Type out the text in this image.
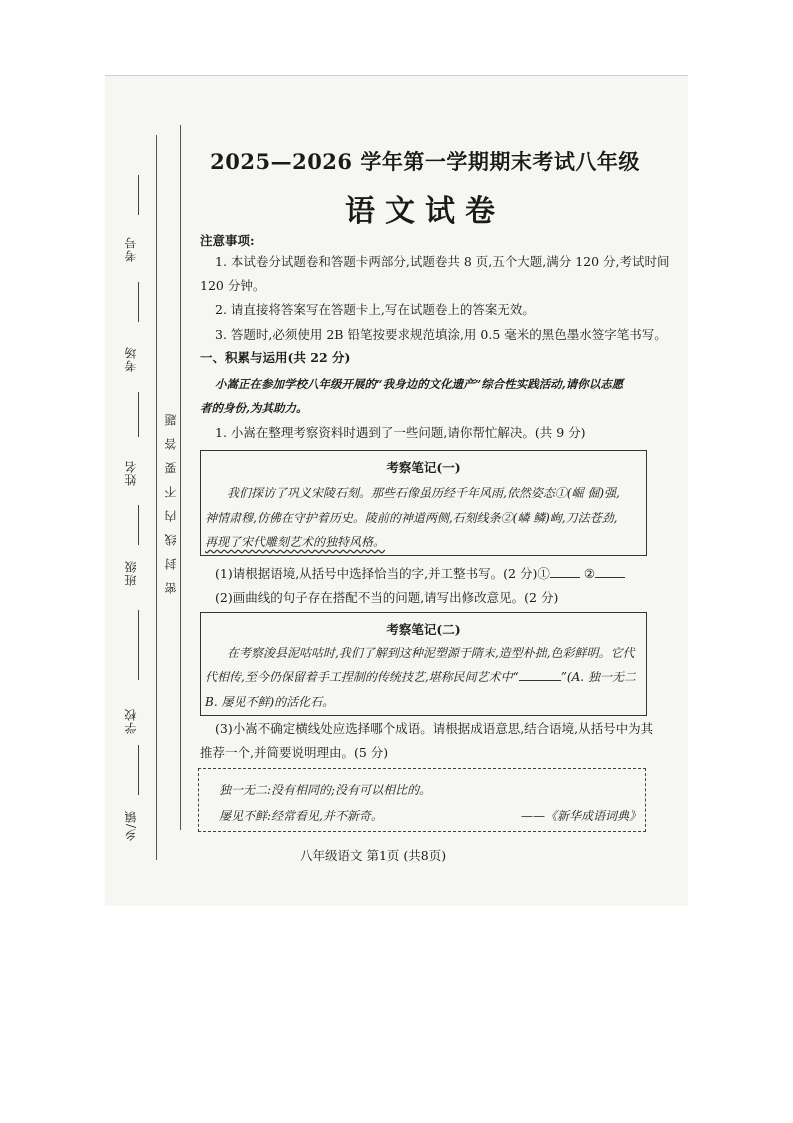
考号
考场
姓名
班级
学校
乡/镇
密封线内不要答题
2025—2026 学年第一学期期末考试八年级
语文试卷
注意事项:
1. 本试卷分试题卷和答题卡两部分,试题卷共 8 页,五个大题,满分 120 分,考试时间
120 分钟。
2. 请直接将答案写在答题卡上,写在试题卷上的答案无效。
3. 答题时,必须使用 2B 铅笔按要求规范填涂,用 0.5 毫米的黑色墨水签字笔书写。
一、积累与运用(共 22 分)
小嵩正在参加学校八年级开展的“我身边的文化遗产”综合性实践活动,请你以志愿
者的身份,为其助力。
1. 小嵩在整理考察资料时遇到了一些问题,请你帮忙解决。(共 9 分)
考察笔记(一)
我们探访了巩义宋陵石刻。那些石像虽历经千年风雨,依然姿态①(崛 倔)强,
神情肃穆,仿佛在守护着历史。陵前的神道两侧,石刻线条②(嶙 鳞)峋,刀法苍劲,
再现了宋代雕刻艺术的独特风格。
(1)请根据语境,从括号中选择恰当的字,并工整书写。(2 分)①	②
(2)画曲线的句子存在搭配不当的问题,请写出修改意见。(2 分)
考察笔记(二)
在考察浚县泥咕咕时,我们了解到这种泥塑源于隋末,造型朴拙,色彩鲜明。它代
代相传,至今仍保留着手工捏制的传统技艺,堪称民间艺术中“	”(A. 独一无二
B. 屡见不鲜)的活化石。
(3)小嵩不确定横线处应选择哪个成语。请根据成语意思,结合语境,从括号中为其
推荐一个,并简要说明理由。(5 分)
独一无二:没有相同的;没有可以相比的。
屡见不鲜:经常看见,并不新奇。	——《新华成语词典》
八年级语文 第1页 (共8页)
